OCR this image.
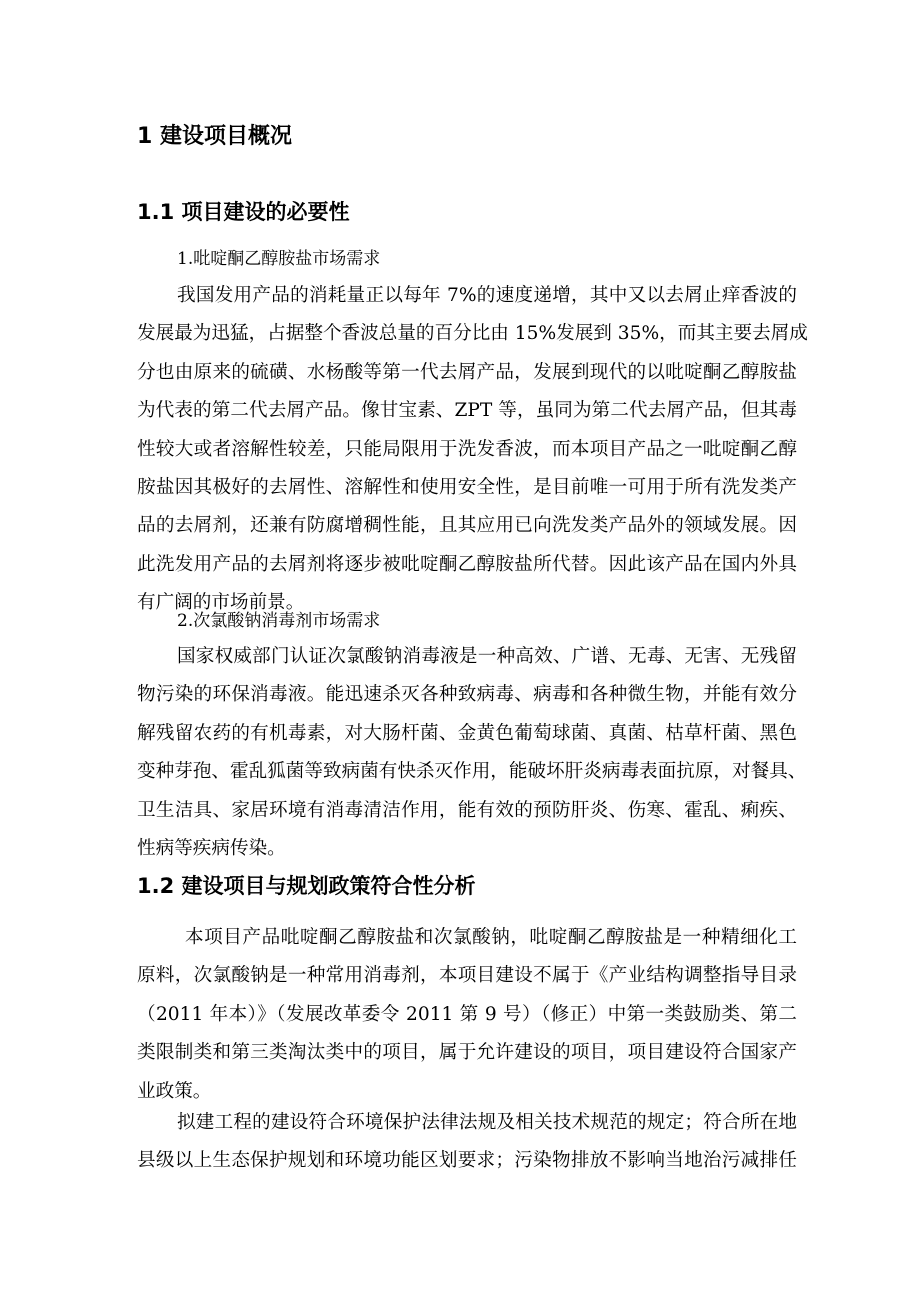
1 建设项目概况
1.1 项目建设的必要性
1.吡啶酮乙醇胺盐市场需求
我国发用产品的消耗量正以每年 7%的速度递增，其中又以去屑止痒香波的
发展最为迅猛，占据整个香波总量的百分比由 15%发展到 35%，而其主要去屑成
分也由原来的硫磺、水杨酸等第一代去屑产品，发展到现代的以吡啶酮乙醇胺盐
为代表的第二代去屑产品。像甘宝素、ZPT 等，虽同为第二代去屑产品，但其毒
性较大或者溶解性较差，只能局限用于洗发香波，而本项目产品之一吡啶酮乙醇
胺盐因其极好的去屑性、溶解性和使用安全性，是目前唯一可用于所有洗发类产
品的去屑剂，还兼有防腐增稠性能，且其应用已向洗发类产品外的领域发展。因
此洗发用产品的去屑剂将逐步被吡啶酮乙醇胺盐所代替。因此该产品在国内外具
有广阔的市场前景。
2.次氯酸钠消毒剂市场需求
国家权威部门认证次氯酸钠消毒液是一种高效、广谱、无毒、无害、无残留
物污染的环保消毒液。能迅速杀灭各种致病毒、病毒和各种微生物，并能有效分
解残留农药的有机毒素，对大肠杆菌、金黄色葡萄球菌、真菌、枯草杆菌、黑色
变种芽孢、霍乱狐菌等致病菌有快杀灭作用，能破坏肝炎病毒表面抗原，对餐具、
卫生洁具、家居环境有消毒清洁作用，能有效的预防肝炎、伤寒、霍乱、痢疾、
性病等疾病传染。
1.2 建设项目与规划政策符合性分析
本项目产品吡啶酮乙醇胺盐和次氯酸钠，吡啶酮乙醇胺盐是一种精细化工
原料，次氯酸钠是一种常用消毒剂，本项目建设不属于《产业结构调整指导目录
（2011 年本）》（发展改革委令 2011 第 9 号）（修正）中第一类鼓励类、第二
类限制类和第三类淘汰类中的项目，属于允许建设的项目，项目建设符合国家产
业政策。
拟建工程的建设符合环境保护法律法规及相关技术规范的规定；符合所在地
县级以上生态保护规划和环境功能区划要求；污染物排放不影响当地治污减排任
